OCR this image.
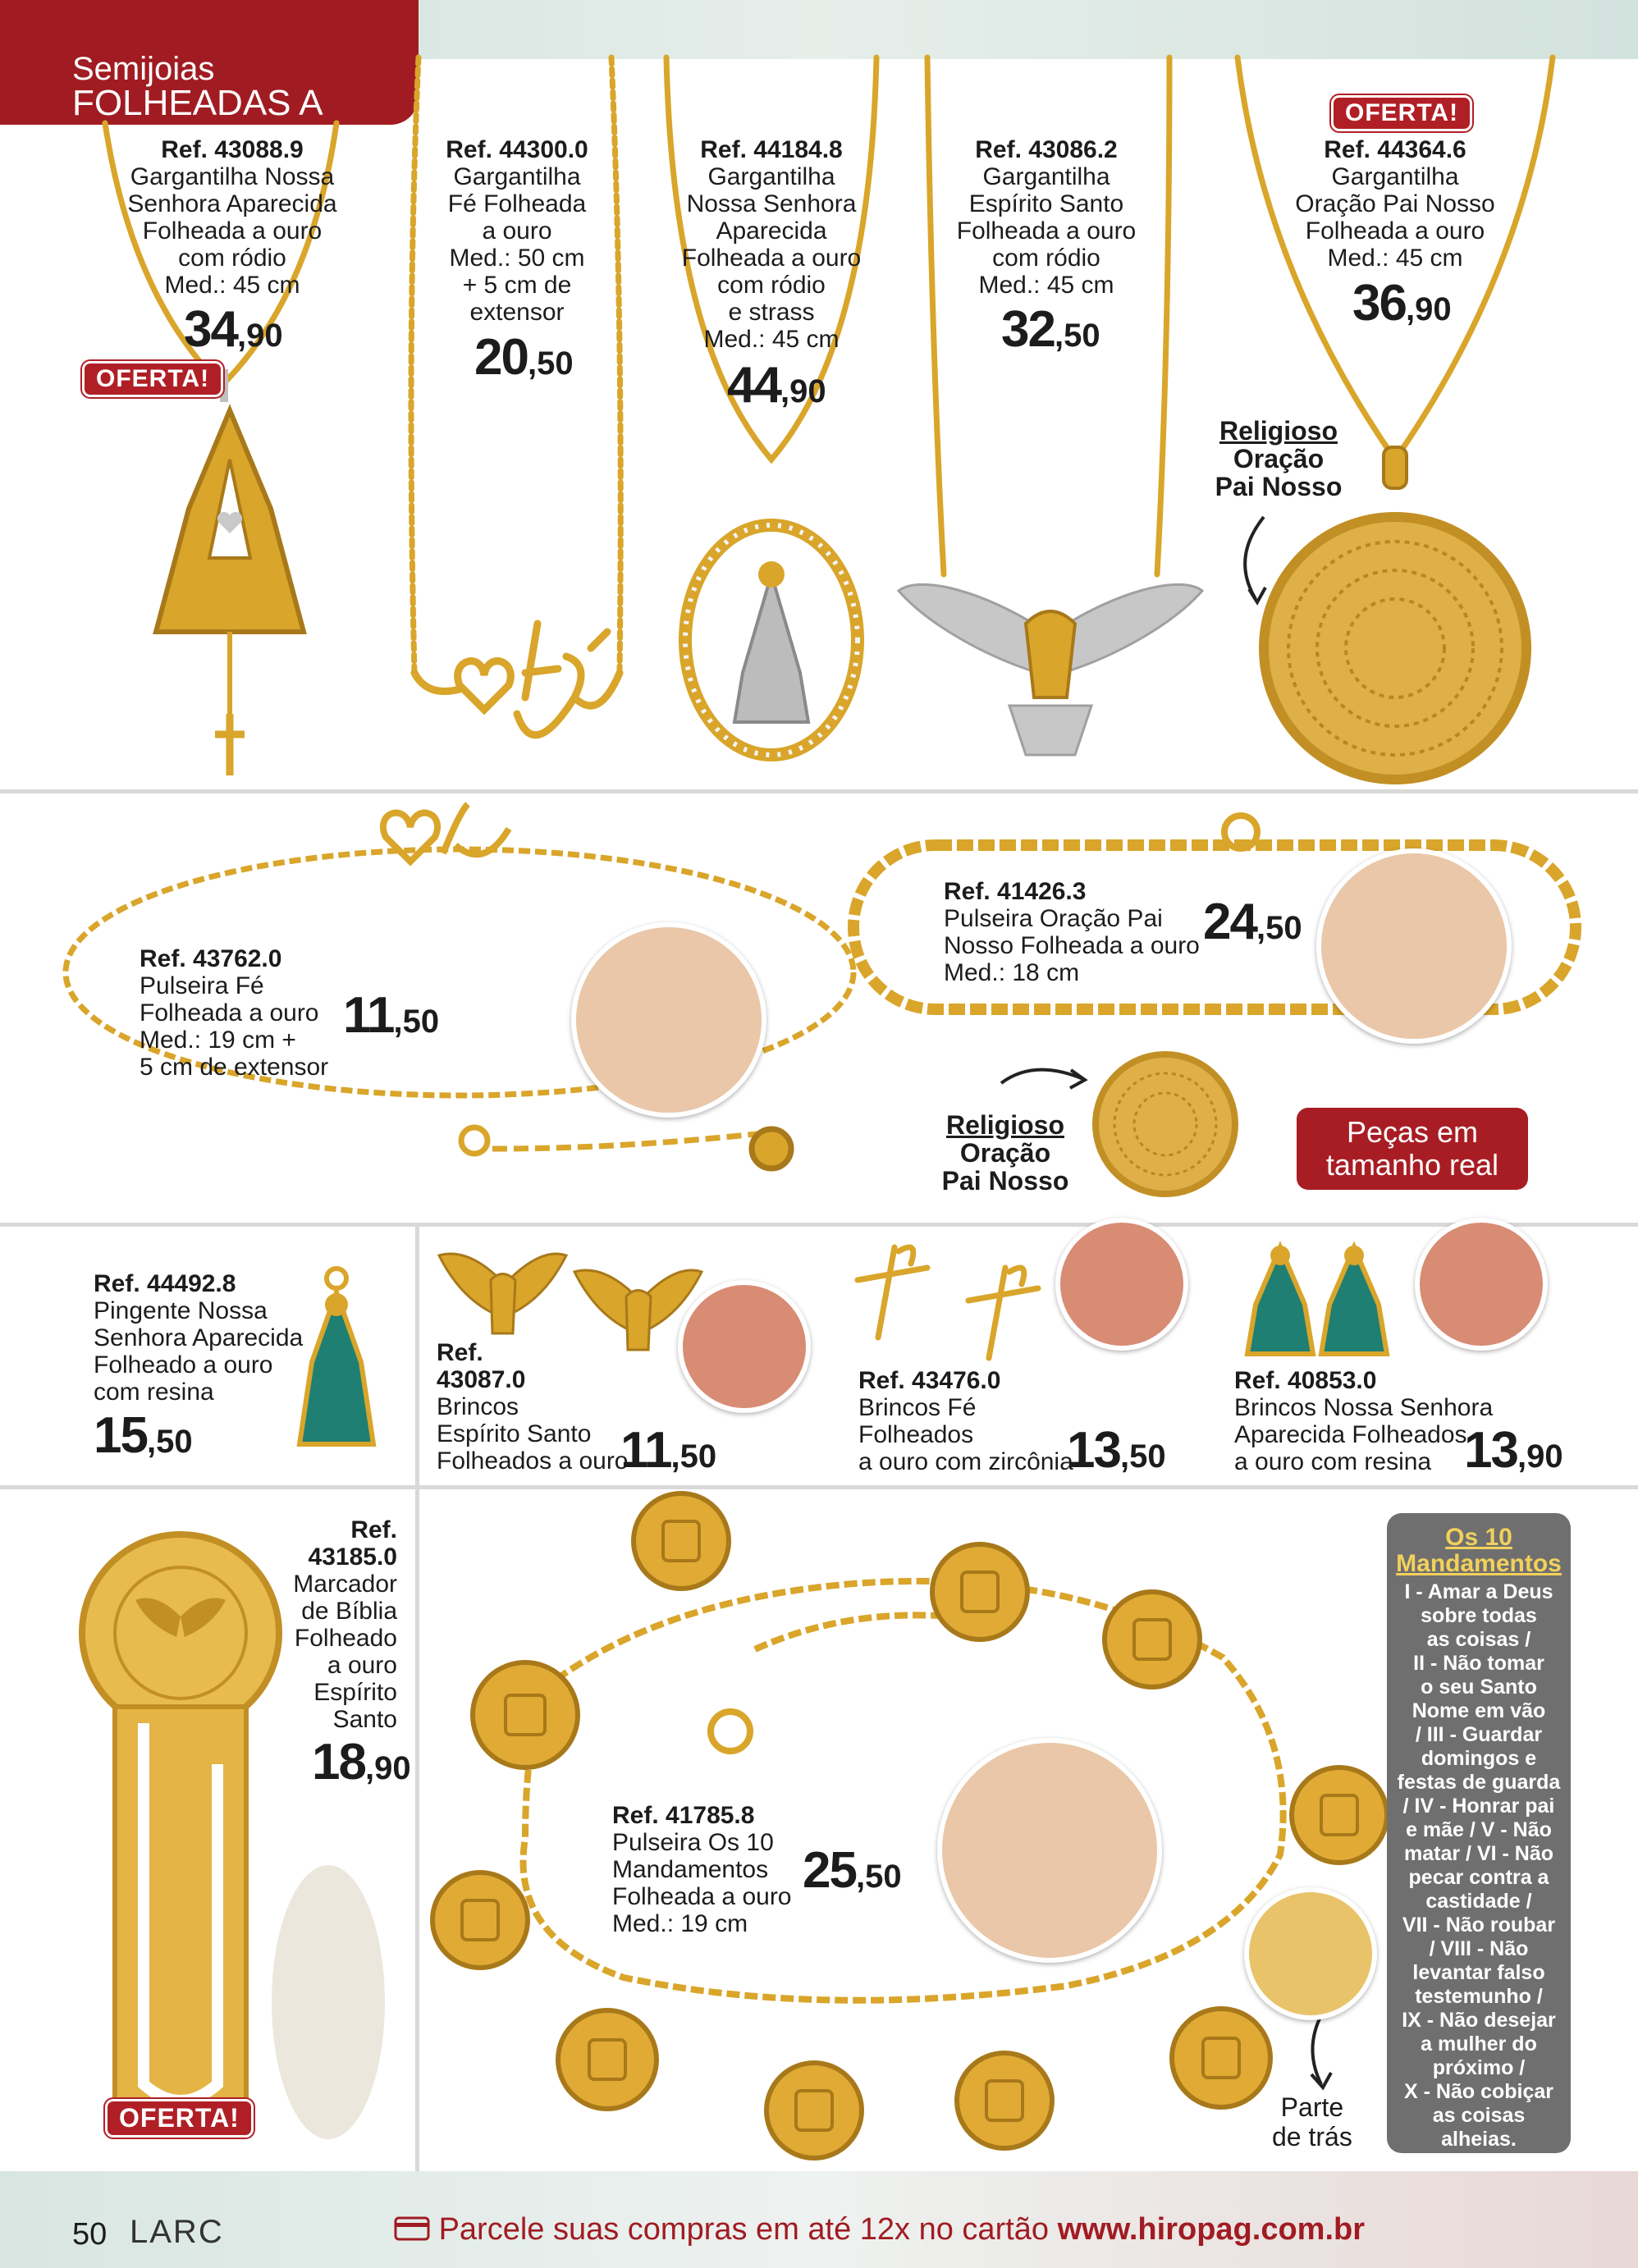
Semijoias
FOLHEADAS A OURO
Ref. 43088.9
Gargantilha Nossa
Senhora Aparecida
Folheada a ouro
com ródio
Med.: 45 cm
34,90
OFERTA!
Ref. 44300.0
Gargantilha
Fé Folheada
a ouro
Med.: 50 cm
+ 5 cm de
extensor
20,50
Ref. 44184.8
Gargantilha
Nossa Senhora
Aparecida
Folheada a ouro
com ródio
e strass
Med.: 45 cm
44,90
Ref. 43086.2
Gargantilha
Espírito Santo
Folheada a ouro
com ródio
Med.: 45 cm
32,50
OFERTA!
Ref. 44364.6
Gargantilha
Oração Pai Nosso
Folheada a ouro
Med.: 45 cm
36,90
Religioso
Oração
Pai Nosso
Ref. 43762.0
Pulseira Fé
Folheada a ouro
Med.: 19 cm +
5 cm de extensor
11,50
Ref. 41426.3
Pulseira Oração Pai
Nosso Folheada a ouro
Med.: 18 cm
24,50
Religioso
Oração
Pai Nosso
Peças em
tamanho real
Ref. 44492.8
Pingente Nossa
Senhora Aparecida
Folheado a ouro
com resina
15,50
Ref.
43087.0
Brincos
Espírito Santo
Folheados a ouro
11,50
Ref. 43476.0
Brincos Fé
Folheados
a ouro com zircônia
13,50
Ref. 40853.0
Brincos Nossa Senhora
Aparecida Folheados
a ouro com resina 13,90
OFERTA!
Ref.
43185.0
Marcador
de Bíblia
Folheado
a ouro
Espírito
Santo
18,90
Ref. 41785.8
Pulseira Os 10
Mandamentos
Folheada a ouro
Med.: 19 cm
25,50
Parte
de trás
Os 10
Mandamentos
I - Amar a Deus
sobre todas
as coisas /
II - Não tomar
o seu Santo
Nome em vão
/ III - Guardar
domingos e
festas de guarda
/ IV - Honrar pai
e mãe / V - Não
matar / VI - Não
pecar contra a
castidade /
VII - Não roubar
/ VIII - Não
levantar falso
testemunho /
IX - Não desejar
a mulher do
próximo /
X - Não cobiçar
as coisas
alheias.
50 LARC	Parcele suas compras em até 12x no cartão www.hiropag.com.br
